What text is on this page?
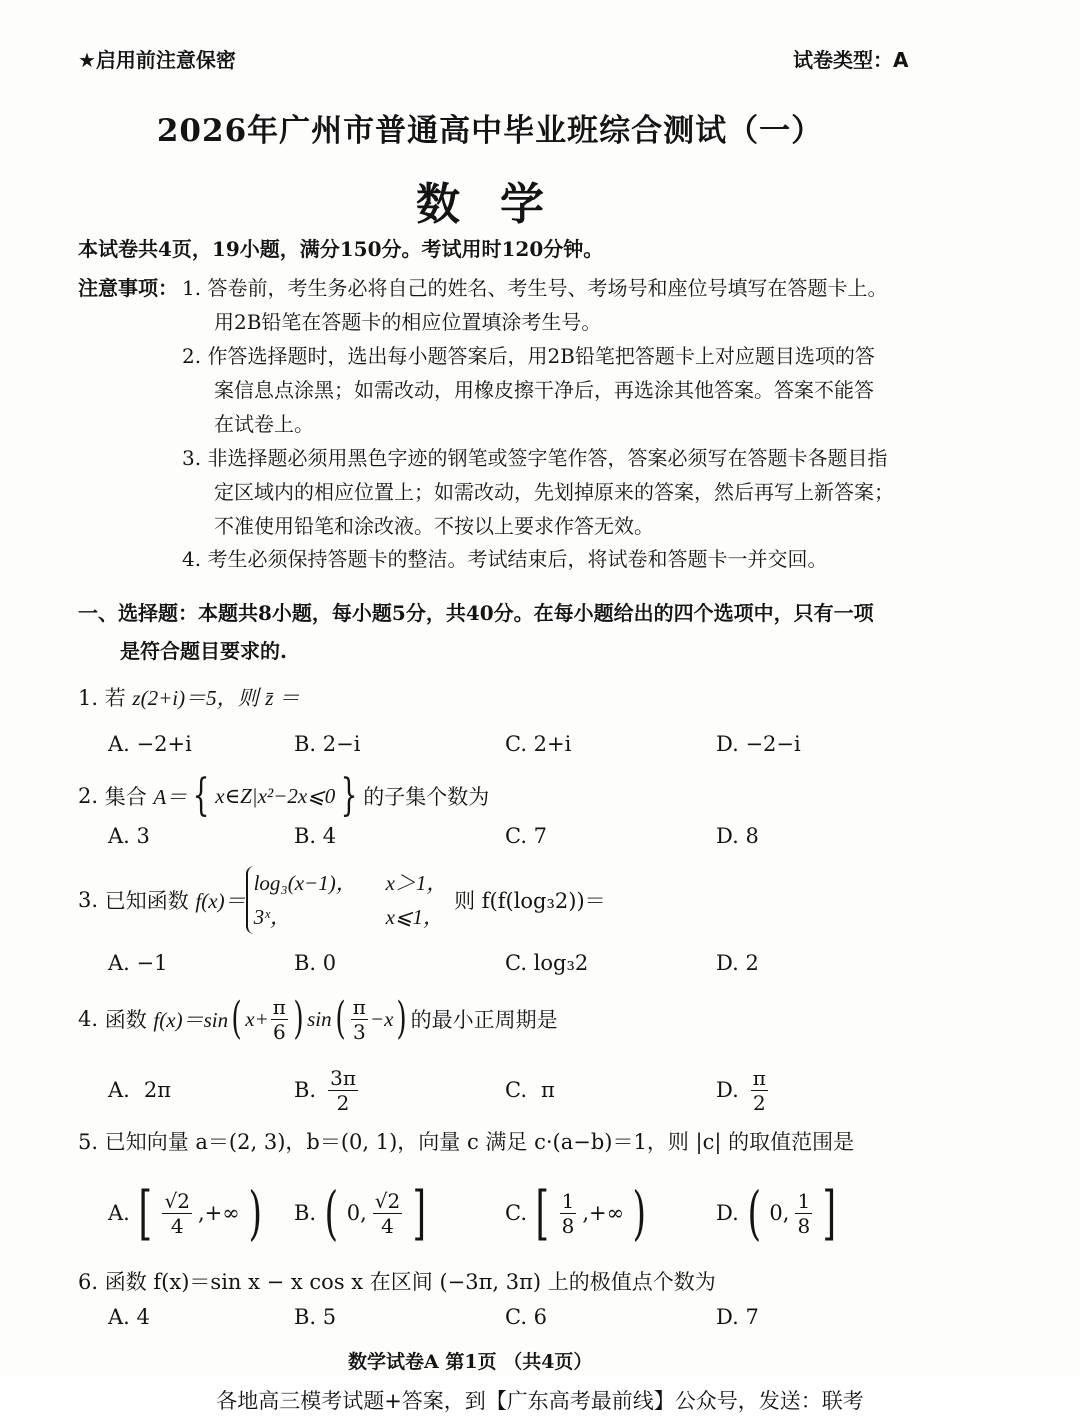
★启用前注意保密	试卷类型：A
2026年广州市普通高中毕业班综合测试（一）
数学
本试卷共4页，19小题，满分150分。考试用时120分钟。
注意事项： 1. 答卷前，考生务必将自己的姓名、考生号、考场号和座位号填写在答题卡上。
用2B铅笔在答题卡的相应位置填涂考生号。
2. 作答选择题时，选出每小题答案后，用2B铅笔把答题卡上对应题目选项的答
案信息点涂黑；如需改动，用橡皮擦干净后，再选涂其他答案。答案不能答
在试卷上。
3. 非选择题必须用黑色字迹的钢笔或签字笔作答，答案必须写在答题卡各题目指
定区域内的相应位置上；如需改动，先划掉原来的答案，然后再写上新答案；
不准使用铅笔和涂改液。不按以上要求作答无效。
4. 考生必须保持答题卡的整洁。考试结束后，将试卷和答题卡一并交回。
一、选择题：本题共8小题，每小题5分，共40分。在每小题给出的四个选项中，只有一项
是符合题目要求的.
1. 若 z(2+i)＝5，则 z̄ ＝
A. −2+i	B. 2−i	C. 2+i	D. −2−i
2.
集合
A＝ { x∈Z|x²−2x⩽0 } 的子集个数为
A. 3	B. 4	C. 7	D. 8
3.
已知函数
f(x)＝
log₃(x−1)， x＞1，
3ˣ，	x⩽1，

则 f(f(log₃2))＝
A. −1	B. 0	C. log₃2	D. 2
4.
函数
f(x)＝sin ( $x+ \frac{\pi}{6}$ ) sin ( $\frac{\pi}{3} -x$ ) 的最小正周期是
A. 2π	B. $\frac{3\pi}{2}$	C. π	D. $\frac{\pi}{2}$
5. 已知向量 a＝(2, 3)，b＝(0, 1)，向量 c 满足 c·(a−b)＝1，则 |c| 的取值范围是
A. [ $\frac{√2}{4}$ ,+∞ ) B. ( 0, $\frac{√2}{4}$ ]	C. [ $\frac{1}{8}$ ,+∞ )	D. ( 0, $\frac{1}{8}$ ]
6. 函数 f(x)＝sin x − x cos x 在区间 (−3π, 3π) 上的极值点个数为
A. 4	B. 5	C. 6	D. 7
数学试卷A 第1页 （共4页）
各地高三模考试题+答案，到【广东高考最前线】公众号，发送：联考
